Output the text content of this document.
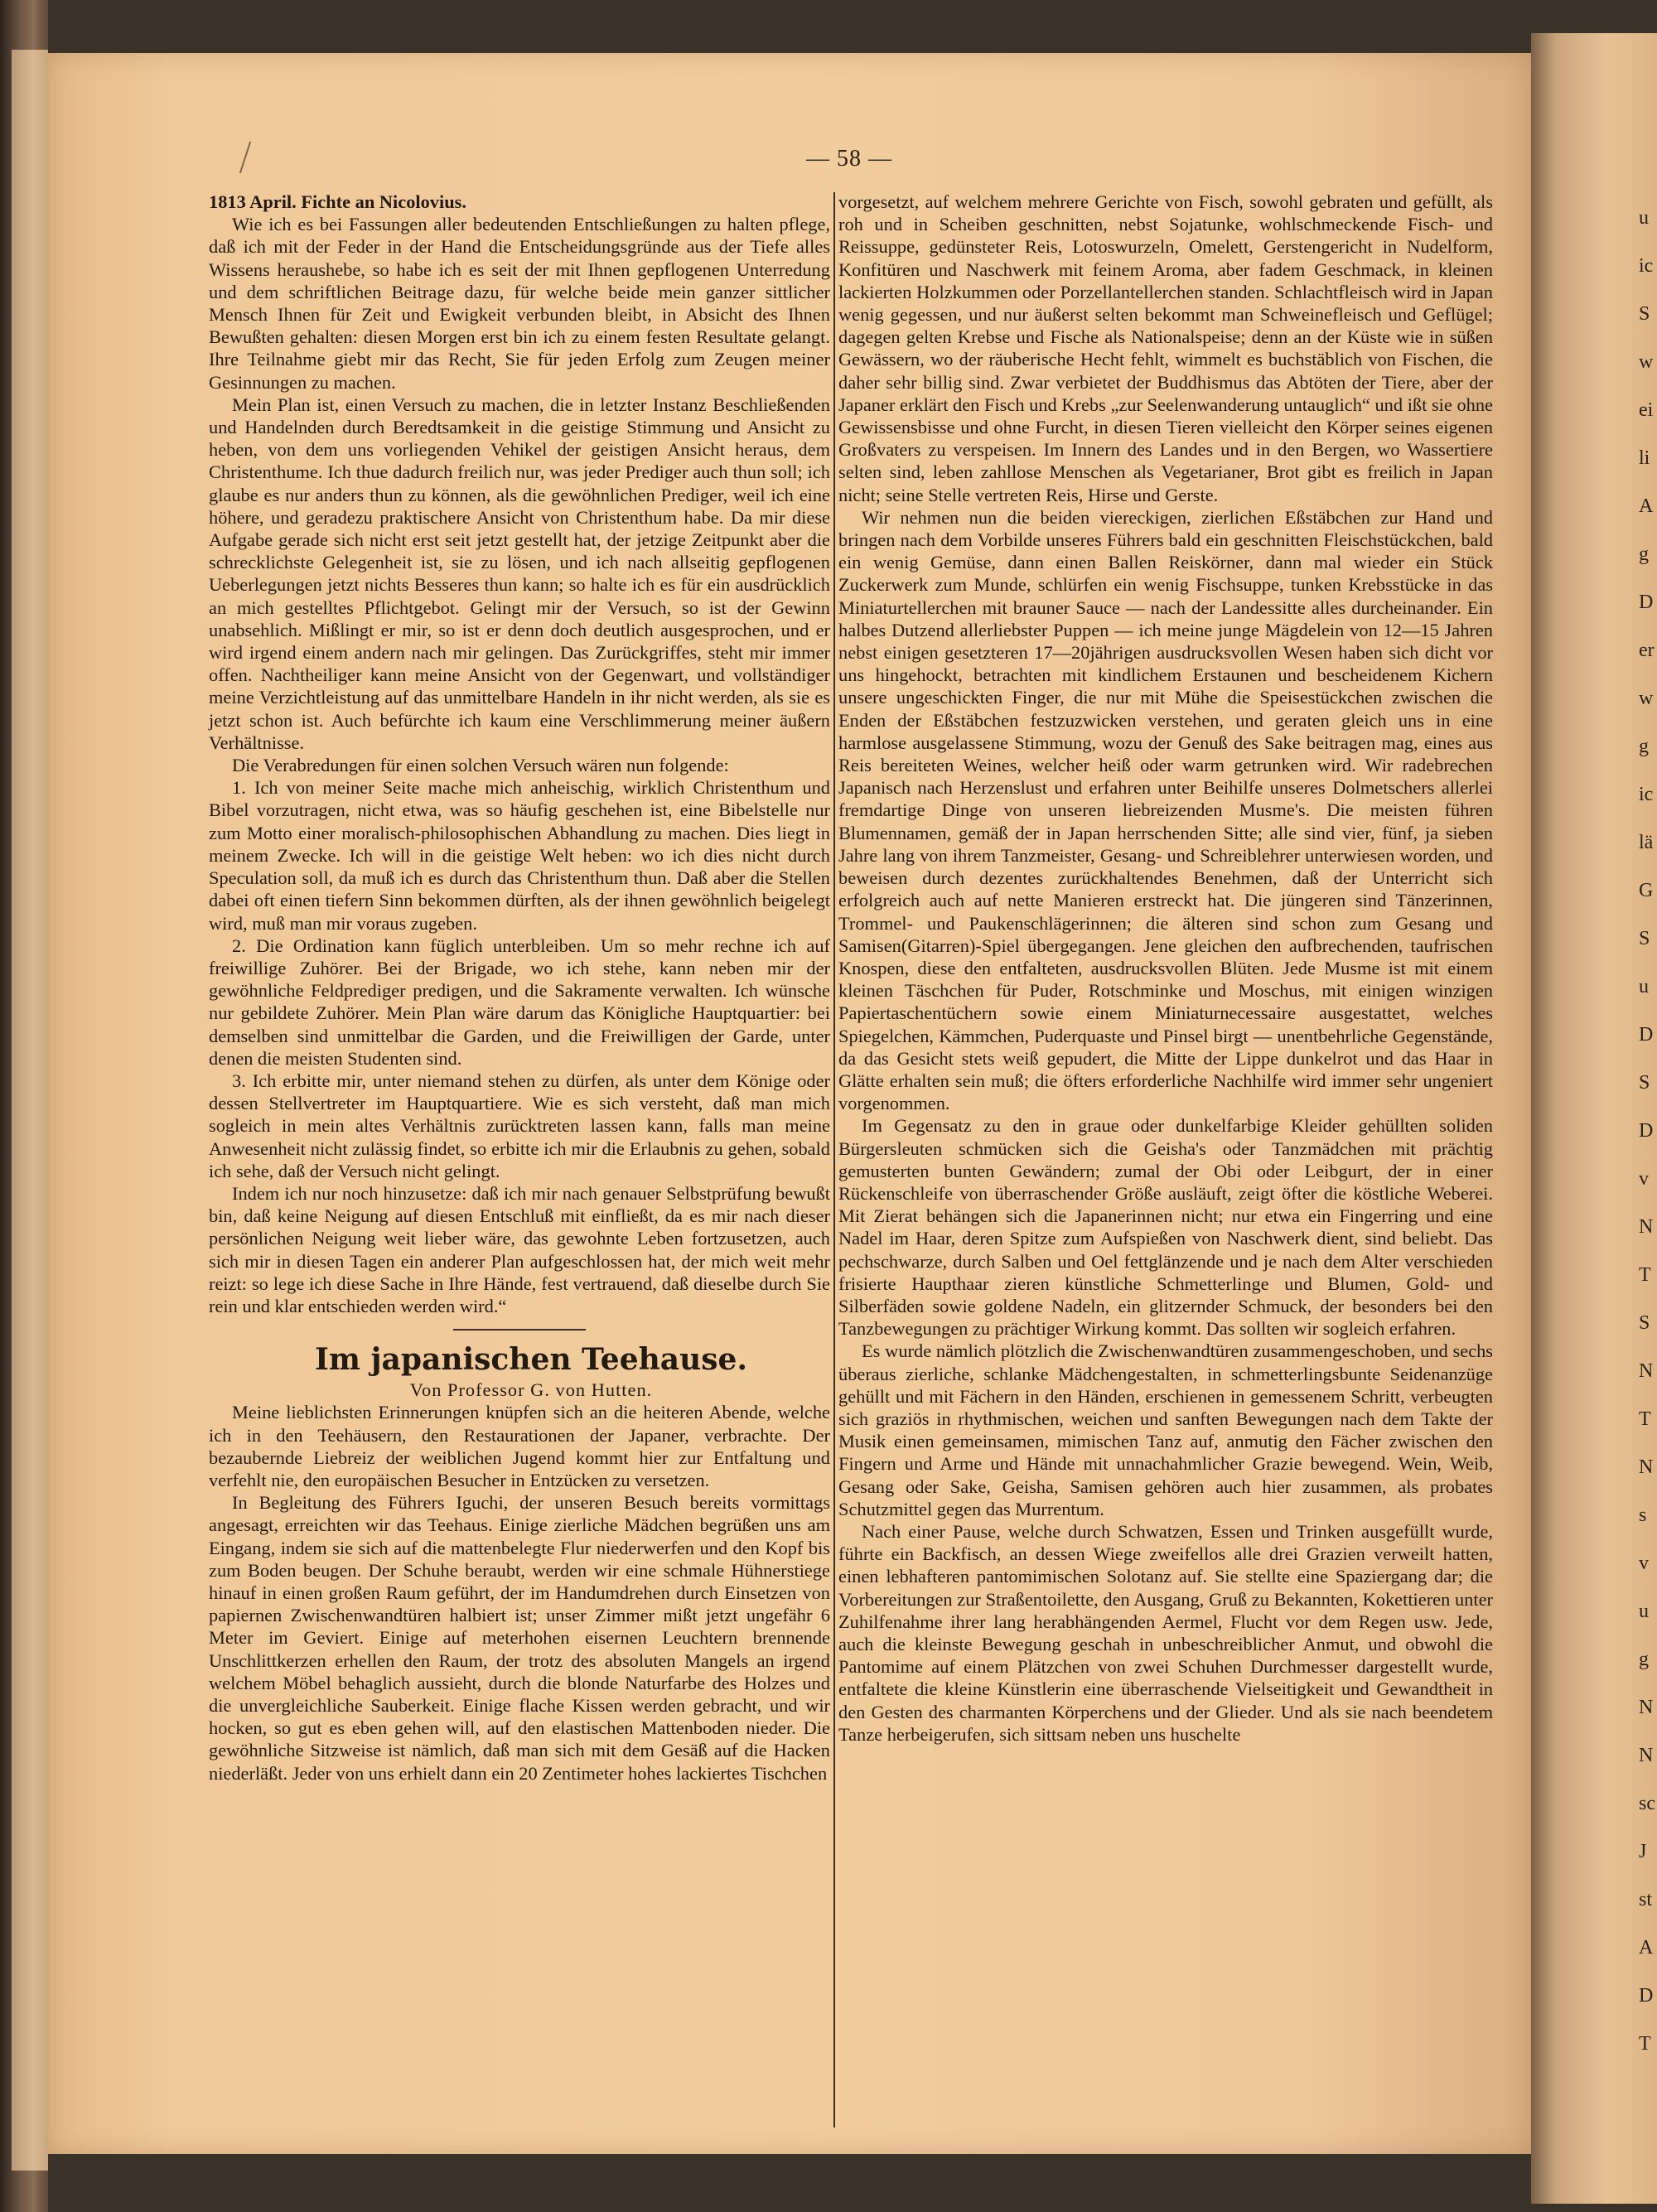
u
ic
S
w
ei
li
A
g
D
er
w
g
ic
lä
G
S
u
D
S
D
v
N
T
S
N
T
N
s
v
u
g
N
N
sc
J
st
A
D
T
— 58 —

1813 April. Fichte an Nicolovius.

Wie ich es bei Fassungen aller bedeutenden Entschließungen zu halten pflege, daß ich mit der Feder in der Hand die Entscheidungsgründe aus der Tiefe alles Wissens heraushebe, so habe ich es seit der mit Ihnen gepflogenen Unterredung und dem schriftlichen Beitrage dazu, für welche beide mein ganzer sittlicher Mensch Ihnen für Zeit und Ewigkeit verbunden bleibt, in Absicht des Ihnen Bewußten gehalten: diesen Morgen erst bin ich zu einem festen Resultate gelangt. Ihre Teilnahme giebt mir das Recht, Sie für jeden Erfolg zum Zeugen meiner Gesinnungen zu machen.

Mein Plan ist, einen Versuch zu machen, die in letzter Instanz Beschließenden und Handelnden durch Beredtsamkeit in die geistige Stimmung und Ansicht zu heben, von dem uns vorliegenden Vehikel der geistigen Ansicht heraus, dem Christenthume. Ich thue dadurch freilich nur, was jeder Prediger auch thun soll; ich glaube es nur anders thun zu können, als die gewöhnlichen Prediger, weil ich eine höhere, und geradezu praktischere Ansicht von Christenthum habe. Da mir diese Aufgabe gerade sich nicht erst seit jetzt gestellt hat, der jetzige Zeitpunkt aber die schrecklichste Gelegenheit ist, sie zu lösen, und ich nach allseitig gepflogenen Ueberlegungen jetzt nichts Besseres thun kann; so halte ich es für ein ausdrücklich an mich gestelltes Pflichtgebot. Gelingt mir der Versuch, so ist der Gewinn unabsehlich. Mißlingt er mir, so ist er denn doch deutlich ausgesprochen, und er wird irgend einem andern nach mir gelingen. Das Zurückgriffes, steht mir immer offen. Nachtheiliger kann meine Ansicht von der Gegenwart, und vollständiger meine Verzichtleistung auf das unmittelbare Handeln in ihr nicht werden, als sie es jetzt schon ist. Auch befürchte ich kaum eine Verschlimmerung meiner äußern Verhältnisse.

Die Verabredungen für einen solchen Versuch wären nun folgende:

1. Ich von meiner Seite mache mich anheischig, wirklich Christenthum und Bibel vorzutragen, nicht etwa, was so häufig geschehen ist, eine Bibelstelle nur zum Motto einer moralisch-philosophischen Abhandlung zu machen. Dies liegt in meinem Zwecke. Ich will in die geistige Welt heben: wo ich dies nicht durch Speculation soll, da muß ich es durch das Christenthum thun. Daß aber die Stellen dabei oft einen tiefern Sinn bekommen dürften, als der ihnen gewöhnlich beigelegt wird, muß man mir voraus zugeben.

2. Die Ordination kann füglich unterbleiben. Um so mehr rechne ich auf freiwillige Zuhörer. Bei der Brigade, wo ich stehe, kann neben mir der gewöhnliche Feldprediger predigen, und die Sakramente verwalten. Ich wünsche nur gebildete Zuhörer. Mein Plan wäre darum das Königliche Hauptquartier: bei demselben sind unmittelbar die Garden, und die Freiwilligen der Garde, unter denen die meisten Studenten sind.

3. Ich erbitte mir, unter niemand stehen zu dürfen, als unter dem Könige oder dessen Stellvertreter im Hauptquartiere. Wie es sich versteht, daß man mich sogleich in mein altes Verhältnis zurücktreten lassen kann, falls man meine Anwesenheit nicht zulässig findet, so erbitte ich mir die Erlaubnis zu gehen, sobald ich sehe, daß der Versuch nicht gelingt.

Indem ich nur noch hinzusetze: daß ich mir nach genauer Selbstprüfung bewußt bin, daß keine Neigung auf diesen Entschluß mit einfließt, da es mir nach dieser persönlichen Neigung weit lieber wäre, das gewohnte Leben fortzusetzen, auch sich mir in diesen Tagen ein anderer Plan aufgeschlossen hat, der mich weit mehr reizt: so lege ich diese Sache in Ihre Hände, fest vertrauend, daß dieselbe durch Sie rein und klar entschieden werden wird.“

Im japanischen Teehause.

Von Professor G. von Hutten.

Meine lieblichsten Erinnerungen knüpfen sich an die heiteren Abende, welche ich in den Teehäusern, den Restaurationen der Japaner, verbrachte. Der bezaubernde Liebreiz der weiblichen Jugend kommt hier zur Entfaltung und verfehlt nie, den europäischen Besucher in Entzücken zu versetzen.

In Begleitung des Führers Iguchi, der unseren Besuch bereits vormittags angesagt, erreichten wir das Teehaus. Einige zierliche Mädchen begrüßen uns am Eingang, indem sie sich auf die mattenbelegte Flur niederwerfen und den Kopf bis zum Boden beugen. Der Schuhe beraubt, werden wir eine schmale Hühnerstiege hinauf in einen großen Raum geführt, der im Handumdrehen durch Einsetzen von papiernen Zwischenwandtüren halbiert ist; unser Zimmer mißt jetzt ungefähr 6 Meter im Geviert. Einige auf meterhohen eisernen Leuchtern brennende Unschlittkerzen erhellen den Raum, der trotz des absoluten Mangels an irgend welchem Möbel behaglich aussieht, durch die blonde Naturfarbe des Holzes und die unvergleichliche Sauberkeit. Einige flache Kissen werden gebracht, und wir hocken, so gut es eben gehen will, auf den elastischen Mattenboden nieder. Die gewöhnliche Sitzweise ist nämlich, daß man sich mit dem Gesäß auf die Hacken niederläßt. Jeder von uns erhielt dann ein 20 Zentimeter hohes lackiertes Tischchen

vorgesetzt, auf welchem mehrere Gerichte von Fisch, sowohl gebraten und gefüllt, als roh und in Scheiben geschnitten, nebst Sojatunke, wohlschmeckende Fisch- und Reissuppe, gedünsteter Reis, Lotoswurzeln, Omelett, Gerstengericht in Nudelform, Konfitüren und Naschwerk mit feinem Aroma, aber fadem Geschmack, in kleinen lackierten Holzkummen oder Porzellantellerchen standen. Schlachtfleisch wird in Japan wenig gegessen, und nur äußerst selten bekommt man Schweinefleisch und Geflügel; dagegen gelten Krebse und Fische als Nationalspeise; denn an der Küste wie in süßen Gewässern, wo der räuberische Hecht fehlt, wimmelt es buchstäblich von Fischen, die daher sehr billig sind. Zwar verbietet der Buddhismus das Abtöten der Tiere, aber der Japaner erklärt den Fisch und Krebs „zur Seelenwanderung untauglich“ und ißt sie ohne Gewissensbisse und ohne Furcht, in diesen Tieren vielleicht den Körper seines eigenen Großvaters zu verspeisen. Im Innern des Landes und in den Bergen, wo Wassertiere selten sind, leben zahllose Menschen als Vegetarianer, Brot gibt es freilich in Japan nicht; seine Stelle vertreten Reis, Hirse und Gerste.

Wir nehmen nun die beiden viereckigen, zierlichen Eßstäbchen zur Hand und bringen nach dem Vorbilde unseres Führers bald ein geschnitten Fleischstückchen, bald ein wenig Gemüse, dann einen Ballen Reiskörner, dann mal wieder ein Stück Zuckerwerk zum Munde, schlürfen ein wenig Fischsuppe, tunken Krebsstücke in das Miniaturtellerchen mit brauner Sauce — nach der Landessitte alles durcheinander. Ein halbes Dutzend allerliebster Puppen — ich meine junge Mägdelein von 12—15 Jahren nebst einigen gesetzteren 17—20jährigen ausdrucksvollen Wesen haben sich dicht vor uns hingehockt, betrachten mit kindlichem Erstaunen und bescheidenem Kichern unsere ungeschickten Finger, die nur mit Mühe die Speisestückchen zwischen die Enden der Eßstäbchen festzuzwicken verstehen, und geraten gleich uns in eine harmlose ausgelassene Stimmung, wozu der Genuß des Sake beitragen mag, eines aus Reis bereiteten Weines, welcher heiß oder warm getrunken wird. Wir radebrechen Japanisch nach Herzenslust und erfahren unter Beihilfe unseres Dolmetschers allerlei fremdartige Dinge von unseren liebreizenden Musme's. Die meisten führen Blumennamen, gemäß der in Japan herrschenden Sitte; alle sind vier, fünf, ja sieben Jahre lang von ihrem Tanzmeister, Gesang- und Schreiblehrer unterwiesen worden, und beweisen durch dezentes zurückhaltendes Benehmen, daß der Unterricht sich erfolgreich auch auf nette Manieren erstreckt hat. Die jüngeren sind Tänzerinnen, Trommel- und Paukenschlägerinnen; die älteren sind schon zum Gesang und Samisen(Gitarren)-Spiel übergegangen. Jene gleichen den aufbrechenden, taufrischen Knospen, diese den entfalteten, ausdrucksvollen Blüten. Jede Musme ist mit einem kleinen Täschchen für Puder, Rotschminke und Moschus, mit einigen winzigen Papiertaschentüchern sowie einem Miniaturnecessaire ausgestattet, welches Spiegelchen, Kämmchen, Puderquaste und Pinsel birgt — unentbehrliche Gegenstände, da das Gesicht stets weiß gepudert, die Mitte der Lippe dunkelrot und das Haar in Glätte erhalten sein muß; die öfters erforderliche Nachhilfe wird immer sehr ungeniert vorgenommen.

Im Gegensatz zu den in graue oder dunkelfarbige Kleider gehüllten soliden Bürgersleuten schmücken sich die Geisha's oder Tanzmädchen mit prächtig gemusterten bunten Gewändern; zumal der Obi oder Leibgurt, der in einer Rückenschleife von überraschender Größe ausläuft, zeigt öfter die köstliche Weberei. Mit Zierat behängen sich die Japanerinnen nicht; nur etwa ein Fingerring und eine Nadel im Haar, deren Spitze zum Aufspießen von Naschwerk dient, sind beliebt. Das pechschwarze, durch Salben und Oel fettglänzende und je nach dem Alter verschieden frisierte Haupthaar zieren künstliche Schmetterlinge und Blumen, Gold- und Silberfäden sowie goldene Nadeln, ein glitzernder Schmuck, der besonders bei den Tanzbewegungen zu prächtiger Wirkung kommt. Das sollten wir sogleich erfahren.

Es wurde nämlich plötzlich die Zwischenwandtüren zusammengeschoben, und sechs überaus zierliche, schlanke Mädchengestalten, in schmetterlingsbunte Seidenanzüge gehüllt und mit Fächern in den Händen, erschienen in gemessenem Schritt, verbeugten sich graziös in rhythmischen, weichen und sanften Bewegungen nach dem Takte der Musik einen gemeinsamen, mimischen Tanz auf, anmutig den Fächer zwischen den Fingern und Arme und Hände mit unnachahmlicher Grazie bewegend. Wein, Weib, Gesang oder Sake, Geisha, Samisen gehören auch hier zusammen, als probates Schutzmittel gegen das Murrentum.

Nach einer Pause, welche durch Schwatzen, Essen und Trinken ausgefüllt wurde, führte ein Backfisch, an dessen Wiege zweifellos alle drei Grazien verweilt hatten, einen lebhafteren pantomimischen Solotanz auf. Sie stellte eine Spaziergang dar; die Vorbereitungen zur Straßentoilette, den Ausgang, Gruß zu Bekannten, Kokettieren unter Zuhilfenahme ihrer lang herabhängenden Aermel, Flucht vor dem Regen usw. Jede, auch die kleinste Bewegung geschah in unbeschreiblicher Anmut, und obwohl die Pantomime auf einem Plätzchen von zwei Schuhen Durchmesser dargestellt wurde, entfaltete die kleine Künstlerin eine überraschende Vielseitigkeit und Gewandtheit in den Gesten des charmanten Körperchens und der Glieder. Und als sie nach beendetem Tanze herbeigerufen, sich sittsam neben uns huschelte
